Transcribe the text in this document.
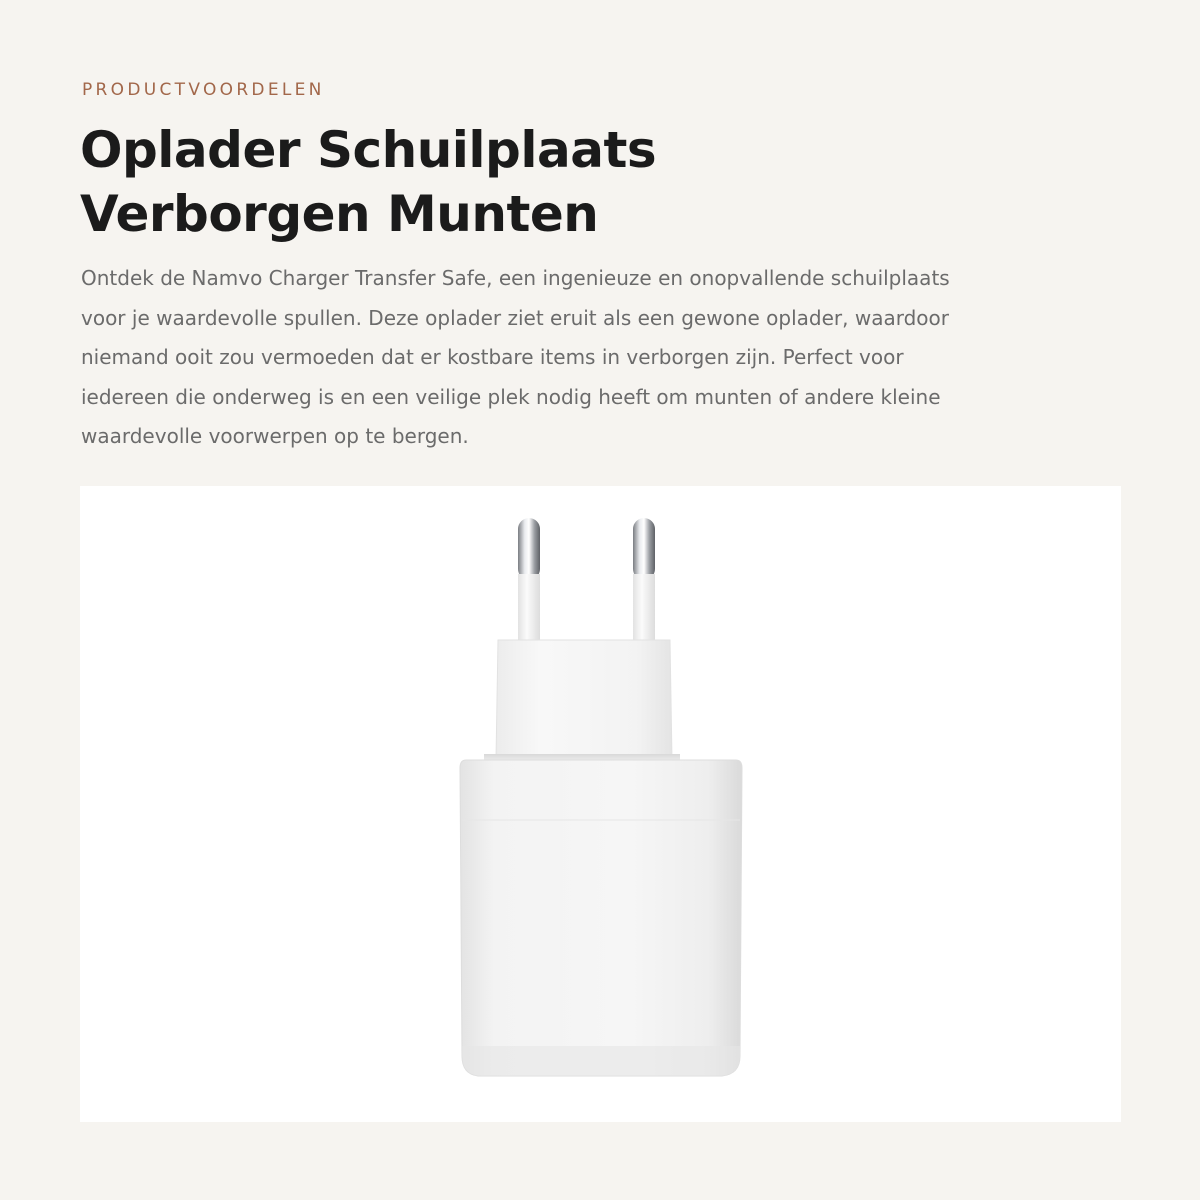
PRODUCTVOORDELEN
Oplader Schuilplaats
Verborgen Munten

Ontdek de Namvo Charger Transfer Safe, een ingenieuze en onopvallende schuilplaats
voor je waardevolle spullen. Deze oplader ziet eruit als een gewone oplader, waardoor
niemand ooit zou vermoeden dat er kostbare items in verborgen zijn. Perfect voor
iedereen die onderweg is en een veilige plek nodig heeft om munten of andere kleine
waardevolle voorwerpen op te bergen.
